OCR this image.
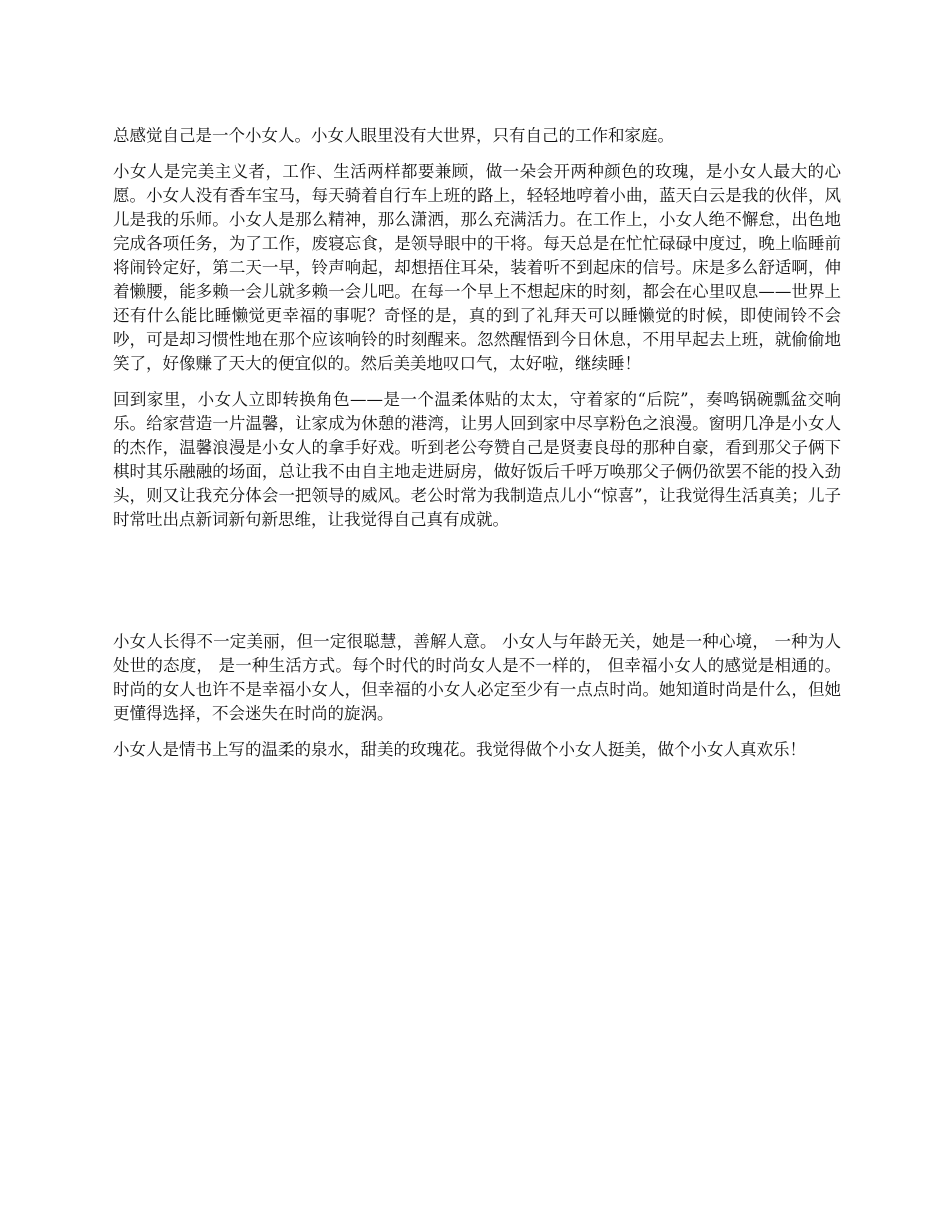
总感觉自己是一个小女人。小女人眼里没有大世界，只有自己的工作和家庭。

小女人是完美主义者，工作、生活两样都要兼顾，做一朵会开两种颜色的玫瑰，是小女人最大的心愿。小女人没有香车宝马，每天骑着自行车上班的路上，轻轻地哼着小曲，蓝天白云是我的伙伴，风儿是我的乐师。小女人是那么精神，那么潇洒，那么充满活力。在工作上，小女人绝不懈怠，出色地完成各项任务，为了工作，废寝忘食，是领导眼中的干将。每天总是在忙忙碌碌中度过，晚上临睡前将闹铃定好，第二天一早，铃声响起，却想捂住耳朵，装着听不到起床的信号。床是多么舒适啊，伸着懒腰，能多赖一会儿就多赖一会儿吧。在每一个早上不想起床的时刻，都会在心里叹息——世界上还有什么能比睡懒觉更幸福的事呢？奇怪的是，真的到了礼拜天可以睡懒觉的时候，即使闹铃不会吵，可是却习惯性地在那个应该响铃的时刻醒来。忽然醒悟到今日休息，不用早起去上班，就偷偷地笑了，好像赚了天大的便宜似的。然后美美地叹口气，太好啦，继续睡！

回到家里，小女人立即转换角色——是一个温柔体贴的太太，守着家的“后院”，奏鸣锅碗瓢盆交响乐。给家营造一片温馨，让家成为休憩的港湾，让男人回到家中尽享粉色之浪漫。窗明几净是小女人的杰作，温馨浪漫是小女人的拿手好戏。听到老公夸赞自己是贤妻良母的那种自豪，看到那父子俩下棋时其乐融融的场面，总让我不由自主地走进厨房，做好饭后千呼万唤那父子俩仍欲罢不能的投入劲头，则又让我充分体会一把领导的威风。老公时常为我制造点儿小“惊喜”，让我觉得生活真美；儿子时常吐出点新词新句新思维，让我觉得自己真有成就。

小女人长得不一定美丽，但一定很聪慧，善解人意。 小女人与年龄无关，她是一种心境， 一种为人处世的态度， 是一种生活方式。每个时代的时尚女人是不一样的， 但幸福小女人的感觉是相通的。时尚的女人也许不是幸福小女人，但幸福的小女人必定至少有一点点时尚。她知道时尚是什么，但她更懂得选择，不会迷失在时尚的旋涡。

小女人是情书上写的温柔的泉水，甜美的玫瑰花。我觉得做个小女人挺美，做个小女人真欢乐！
